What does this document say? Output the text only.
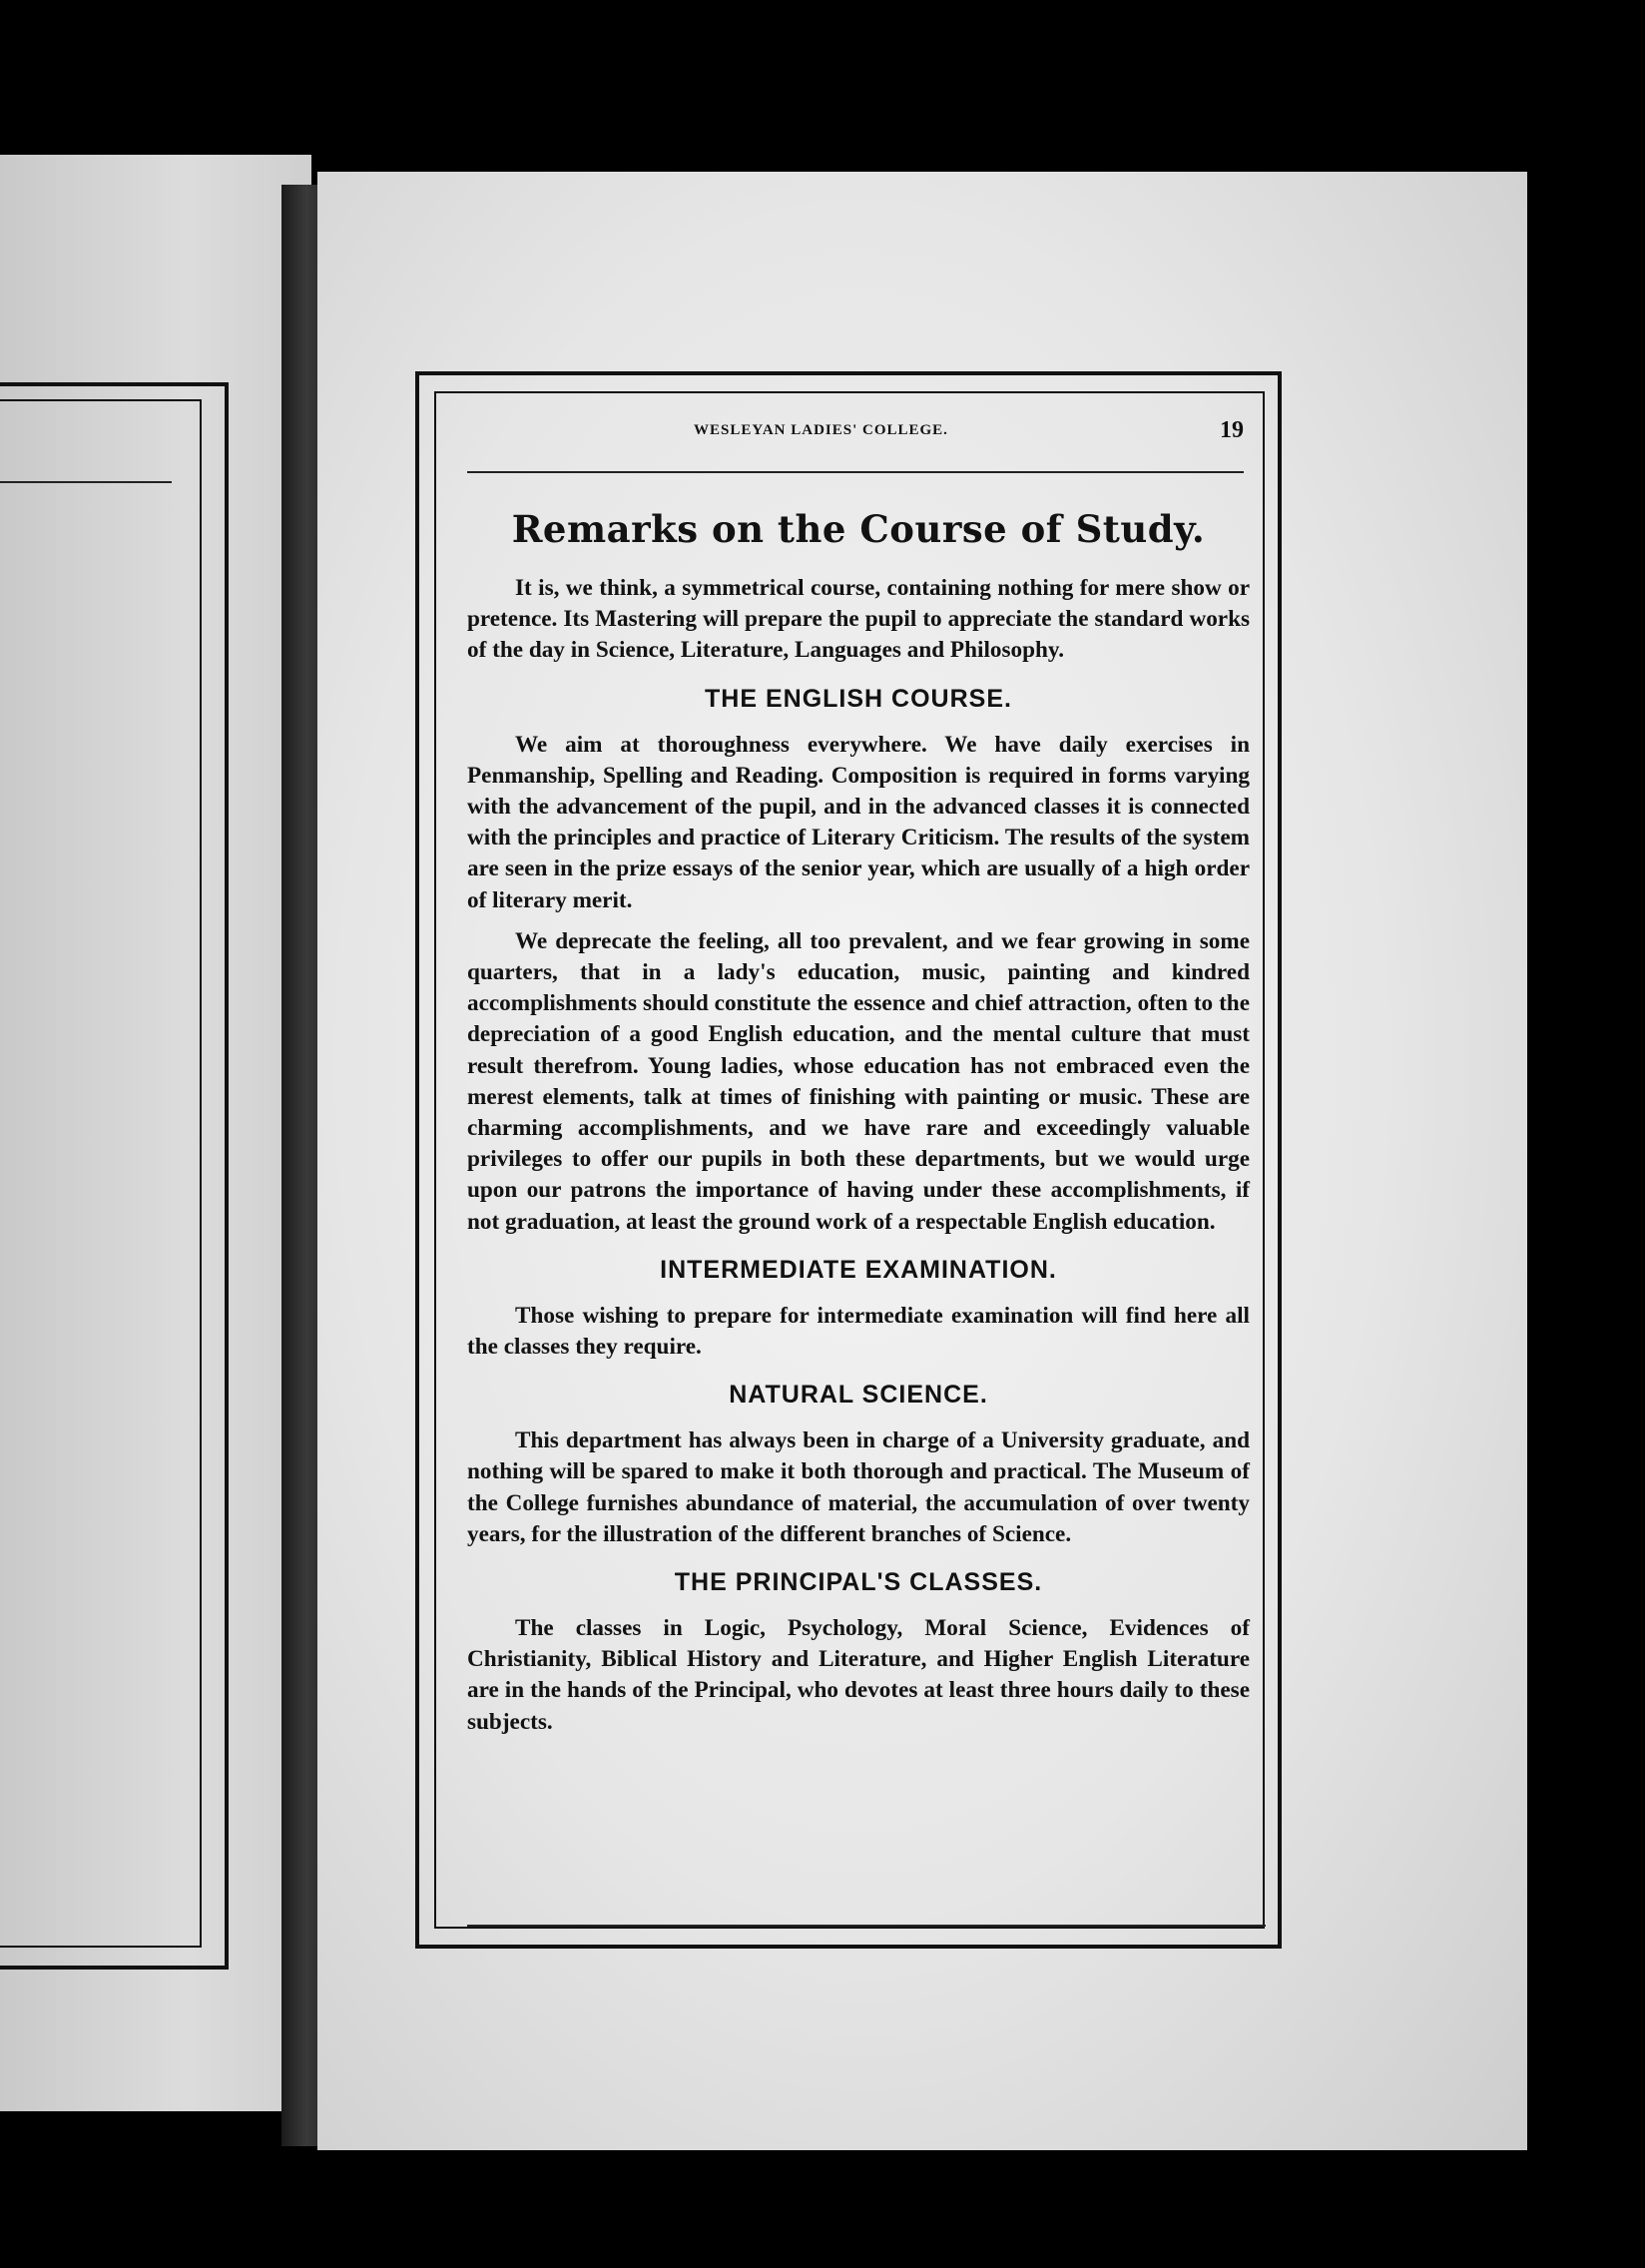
WESLEYAN LADIES' COLLEGE.	19
Remarks on the Course of Study.

It is, we think, a symmetrical course, containing nothing for mere show or pretence. Its Mastering will prepare the pupil to appreciate the standard works of the day in Science, Literature, Languages and Philosophy.

THE ENGLISH COURSE.

We aim at thoroughness everywhere. We have daily exercises in Penmanship, Spelling and Reading. Composition is required in forms varying with the advancement of the pupil, and in the advanced classes it is connected with the principles and practice of Literary Criticism. The results of the system are seen in the prize essays of the senior year, which are usually of a high order of literary merit.

We deprecate the feeling, all too prevalent, and we fear growing in some quarters, that in a lady's education, music, painting and kindred accomplishments should constitute the essence and chief attraction, often to the depreciation of a good English education, and the mental culture that must result therefrom. Young ladies, whose education has not embraced even the merest elements, talk at times of finishing with painting or music. These are charming accomplishments, and we have rare and exceedingly valuable privileges to offer our pupils in both these departments, but we would urge upon our patrons the importance of having under these accomplishments, if not graduation, at least the ground work of a respectable English education.

INTERMEDIATE EXAMINATION.

Those wishing to prepare for intermediate examination will find here all the classes they require.

NATURAL SCIENCE.

This department has always been in charge of a University graduate, and nothing will be spared to make it both thorough and practical. The Museum of the College furnishes abundance of material, the accumulation of over twenty years, for the illustration of the different branches of Science.

THE PRINCIPAL'S CLASSES.

The classes in Logic, Psychology, Moral Science, Evidences of Christianity, Biblical History and Literature, and Higher English Literature are in the hands of the Principal, who devotes at least three hours daily to these subjects.
